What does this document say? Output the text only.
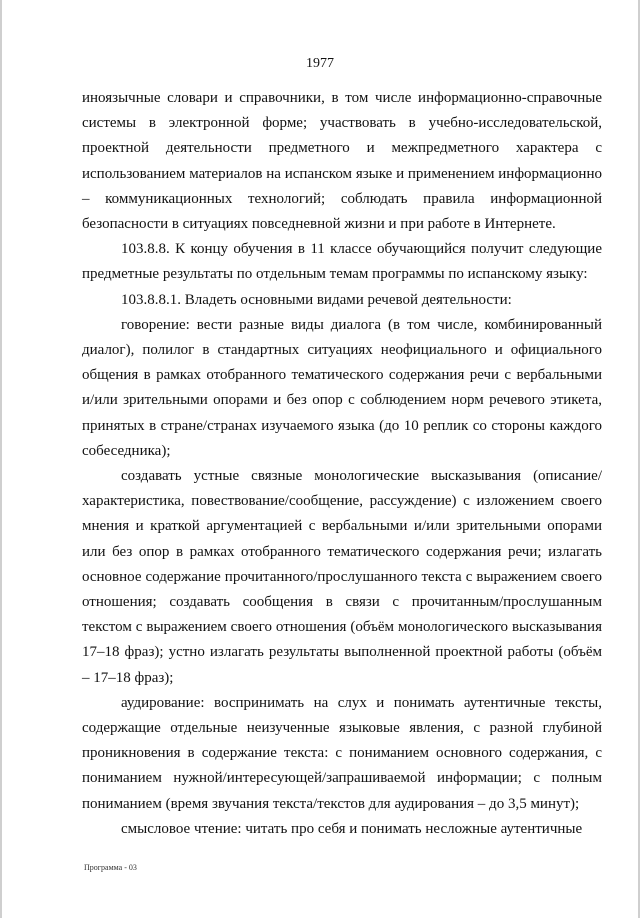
1977

иноязычные словари и справочники, в том числе информационно-справочные системы в электронной форме; участвовать в учебно-исследовательской, проектной деятельности предметного и межпредметного характера с использованием материалов на испанском языке и применением информационно – коммуникационных технологий; соблюдать правила информационной безопасности в ситуациях повседневной жизни и при работе в Интернете.

103.8.8. К концу обучения в 11 классе обучающийся получит следующие предметные результаты по отдельным темам программы по испанскому языку:

103.8.8.1. Владеть основными видами речевой деятельности:

говорение: вести разные виды диалога (в том числе, комбинированный диалог), полилог в стандартных ситуациях неофициального и официального общения в рамках отобранного тематического содержания речи с вербальными и/или зрительными опорами и без опор с соблюдением норм речевого этикета, принятых в стране/странах изучаемого языка (до 10 реплик со стороны каждого собеседника);

создавать устные связные монологические высказывания (описание/характеристика, повествование/сообщение, рассуждение) с изложением своего мнения и краткой аргументацией с вербальными и/или зрительными опорами или без опор в рамках отобранного тематического содержания речи; излагать основное содержание прочитанного/прослушанного текста с выражением своего отношения; создавать сообщения в связи с прочитанным/прослушанным текстом с выражением своего отношения (объём монологического высказывания 17–18 фраз); устно излагать результаты выполненной проектной работы (объём – 17–18 фраз);

аудирование: воспринимать на слух и понимать аутентичные тексты, содержащие отдельные неизученные языковые явления, с разной глубиной проникновения в содержание текста: с пониманием основного содержания, с пониманием нужной/интересующей/запрашиваемой информации; с полным пониманием (время звучания текста/текстов для аудирования – до 3,5 минут);

смысловое чтение: читать про себя и понимать несложные аутентичные

Программа - 03
